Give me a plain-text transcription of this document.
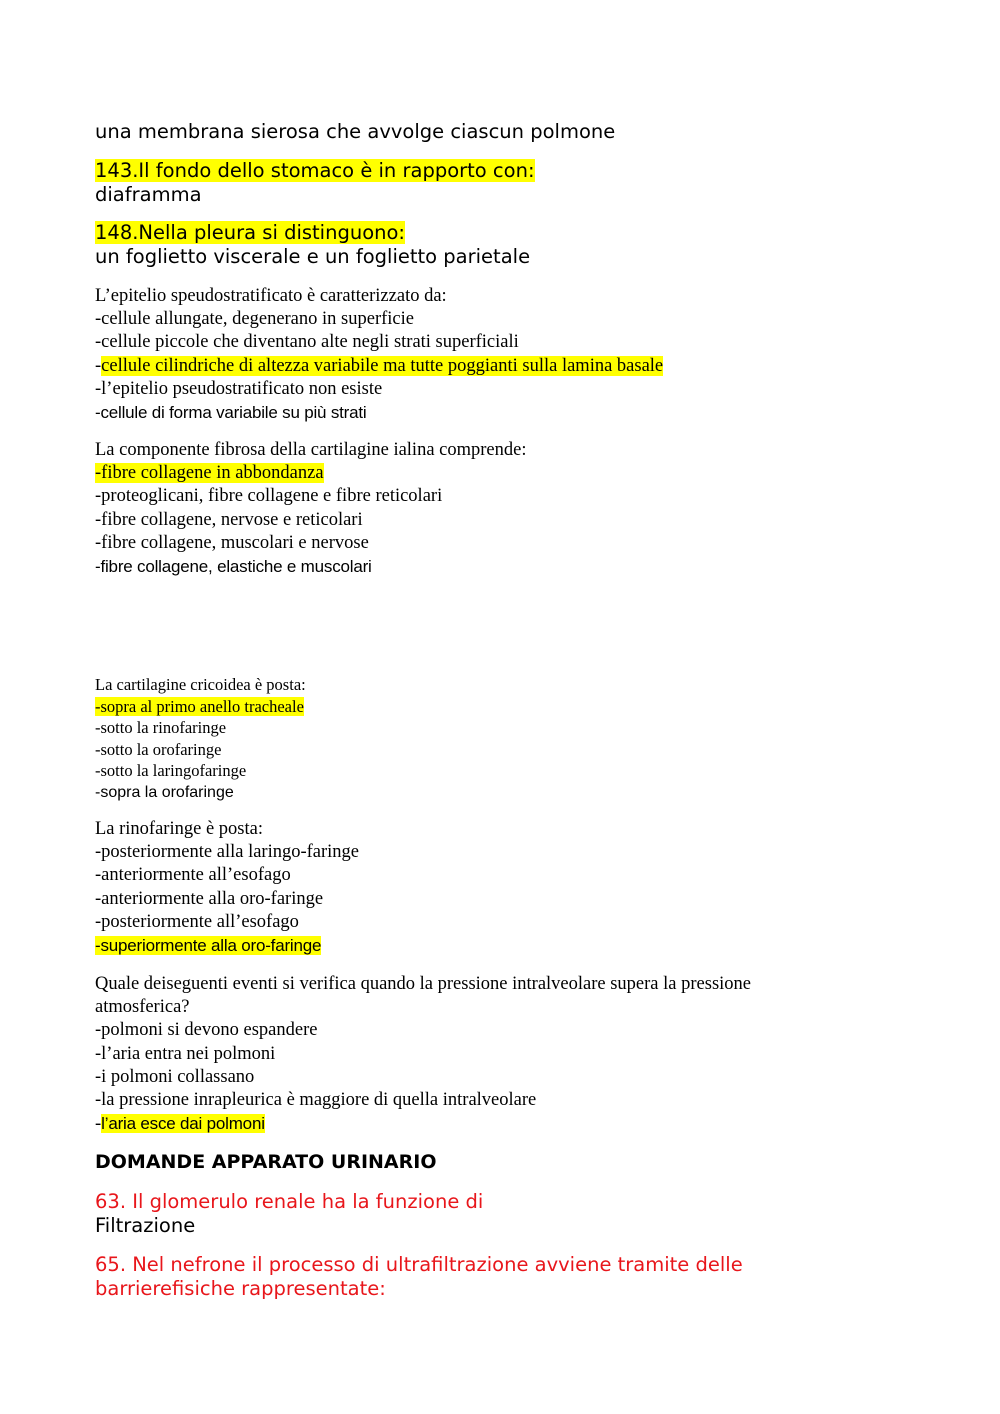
una membrana sierosa che avvolge ciascun polmone
143.Il fondo dello stomaco è in rapporto con:
diaframma
148.Nella pleura si distinguono:
un foglietto viscerale e un foglietto parietale
L’epitelio speudostratificato è caratterizzato da:
-cellule allungate, degenerano in superficie
-cellule piccole che diventano alte negli strati superficiali
-cellule cilindriche di altezza variabile ma tutte poggianti sulla lamina basale
-l’epitelio pseudostratificato non esiste
-cellule di forma variabile su più strati
La componente fibrosa della cartilagine ialina comprende:
-fibre collagene in abbondanza
-proteoglicani, fibre collagene e fibre reticolari
-fibre collagene, nervose e reticolari
-fibre collagene, muscolari e nervose
-fibre collagene, elastiche e muscolari
La cartilagine cricoidea è posta:
-sopra al primo anello tracheale
-sotto la rinofaringe
-sotto la orofaringe
-sotto la laringofaringe
-sopra la orofaringe
La rinofaringe è posta:
-posteriormente alla laringo-faringe
-anteriormente all’esofago
-anteriormente alla oro-faringe
-posteriormente all’esofago
-superiormente alla oro-faringe
Quale deiseguenti eventi si verifica quando la pressione intralveolare supera la pressione atmosferica?
-polmoni si devono espandere
-l’aria entra nei polmoni
-i polmoni collassano
-la pressione inrapleurica è maggiore di quella intralveolare
-l’aria esce dai polmoni
DOMANDE APPARATO URINARIO
63. Il glomerulo renale ha la funzione di
Filtrazione
65. Nel nefrone il processo di ultrafiltrazione avviene tramite delle barrierefisiche rappresentate:
